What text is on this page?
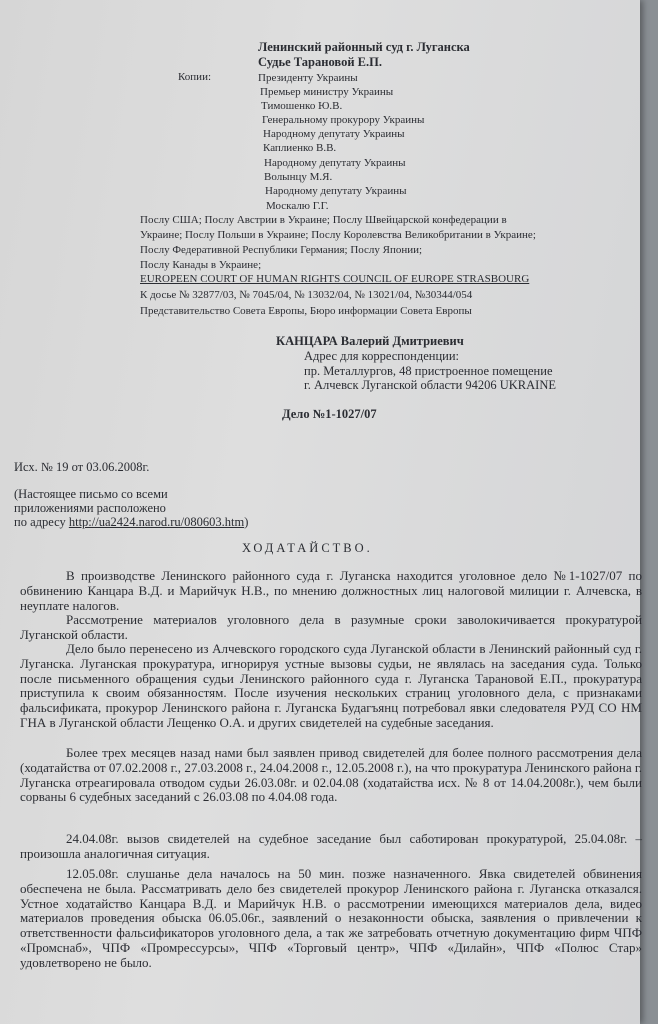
Ленинский районный суд г. Луганска
Судье Тарановой Е.П.
Копии:	Президенту Украины
Премьер министру Украины
Тимошенко Ю.В.
Генеральному прокурору Украины
Народному депутату Украины
Каплиенко В.В.
Народному депутату Украины
Волынцу М.Я.
Народному депутату Украины
Москалю Г.Г.
Послу США; Послу Австрии в Украине; Послу Швейцарской конфедерации в
Украине; Послу Польши в Украине; Послу Королевства Великобритании в Украине;
Послу Федеративной Республики Германия; Послу Японии;
Послу Канады в Украине;
EUROPEEN COURT OF HUMAN RIGHTS COUNCIL OF EUROPE STRASBOURG
К досье № 32877/03, № 7045/04, № 13032/04, № 13021/04, №30344/054
Представительство Совета Европы, Бюро информации Совета Европы
КАНЦАРА Валерий Дмитриевич
Адрес для корреспонденции:
пр. Металлургов, 48 пристроенное помещение
г. Алчевск Луганской области 94206 UKRAINE
Дело №1-1027/07
Исх. № 19 от 03.06.2008г.
(Настоящее письмо со всеми
приложениями расположено
по адресу http://ua2424.narod.ru/080603.htm)
ХОДАТАЙСТВО.
В производстве Ленинского районного суда г. Луганска находится уголовное дело №1-1027/07 по обвинению Канцара В.Д. и Марийчук Н.В., по мнению должностных лиц налоговой милиции г. Алчевска, в неуплате налогов.
Рассмотрение материалов уголовного дела в разумные сроки заволокичивается прокуратурой Луганской области.
Дело было перенесено из Алчевского городского суда Луганской области в Ленинский районный суд г. Луганска. Луганская прокуратура, игнорируя устные вызовы судьи, не являлась на заседания суда. Только после письменного обращения судьи Ленинского районного суда г. Луганска Тарановой Е.П., прокуратура приступила к своим обязанностям. После изучения нескольких страниц уголовного дела, с признаками фальсификата, прокурор Ленинского района г. Луганска Будагъянц потребовал явки следователя РУД СО НМ ГНА в Луганской области Лещенко О.А. и других свидетелей на судебные заседания.
Более трех месяцев назад нами был заявлен привод свидетелей для более полного рассмотрения дела (ходатайства от 07.02.2008 г., 27.03.2008 г., 24.04.2008 г., 12.05.2008 г.), на что прокуратура Ленинского района г. Луганска отреагировала отводом судьи 26.03.08г. и 02.04.08 (ходатайства исх. № 8 от 14.04.2008г.), чем были сорваны 6 судебных заседаний с 26.03.08 по 4.04.08 года.
24.04.08г. вызов свидетелей на судебное заседание был саботирован прокуратурой, 25.04.08г. –произошла аналогичная ситуация.
12.05.08г. слушанье дела началось на 50 мин. позже назначенного. Явка свидетелей обвинения обеспечена не была. Рассматривать дело без свидетелей прокурор Ленинского района г. Луганска отказался. Устное ходатайство Канцара В.Д. и Марийчук Н.В. о рассмотрении имеющихся материалов дела, видео материалов проведения обыска 06.05.06г., заявлений о незаконности обыска, заявления о привлечении к ответственности фальсификаторов уголовного дела, а так же затребовать отчетную документацию фирм ЧПФ «Промснаб», ЧПФ «Промрессурсы», ЧПФ «Торговый центр», ЧПФ «Дилайн», ЧПФ «Полюс Стар» удовлетворено не было.
